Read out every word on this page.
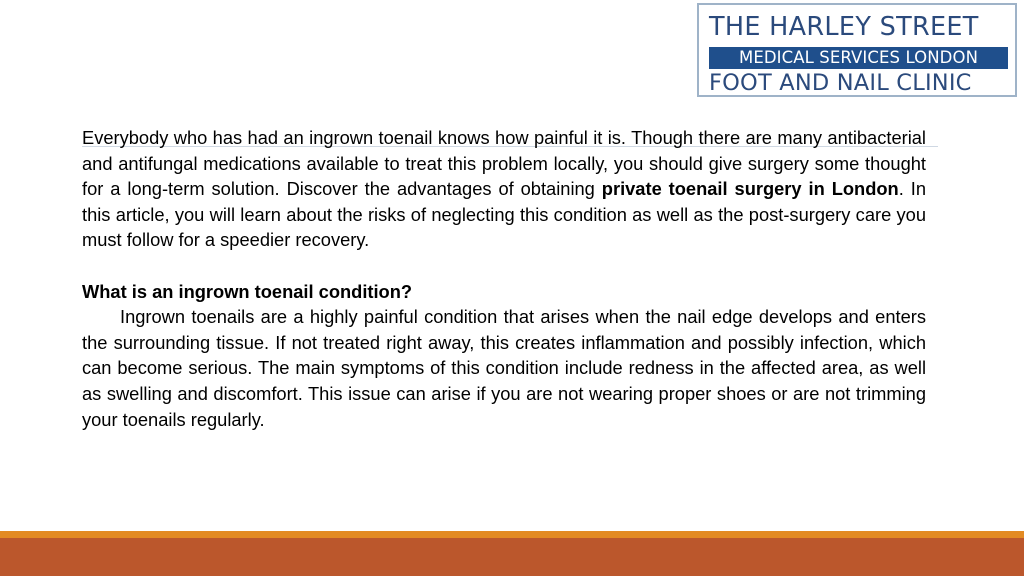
THE HARLEY STREET
MEDICAL SERVICES LONDON
FOOT AND NAIL CLINIC

Everybody who has had an ingrown toenail knows how painful it is. Though there are many antibacterial and antifungal medications available to treat this problem locally, you should give surgery some thought for a long-term solution. Discover the advantages of obtaining private toenail surgery in London. In this article, you will learn about the risks of neglecting this condition as well as the post-surgery care you must follow for a speedier recovery.

What is an ingrown toenail condition?

Ingrown toenails are a highly painful condition that arises when the nail edge develops and enters the surrounding tissue. If not treated right away, this creates inflammation and possibly infection, which can become serious. The main symptoms of this condition include redness in the affected area, as well as swelling and discomfort. This issue can arise if you are not wearing proper shoes or are not trimming your toenails regularly.
